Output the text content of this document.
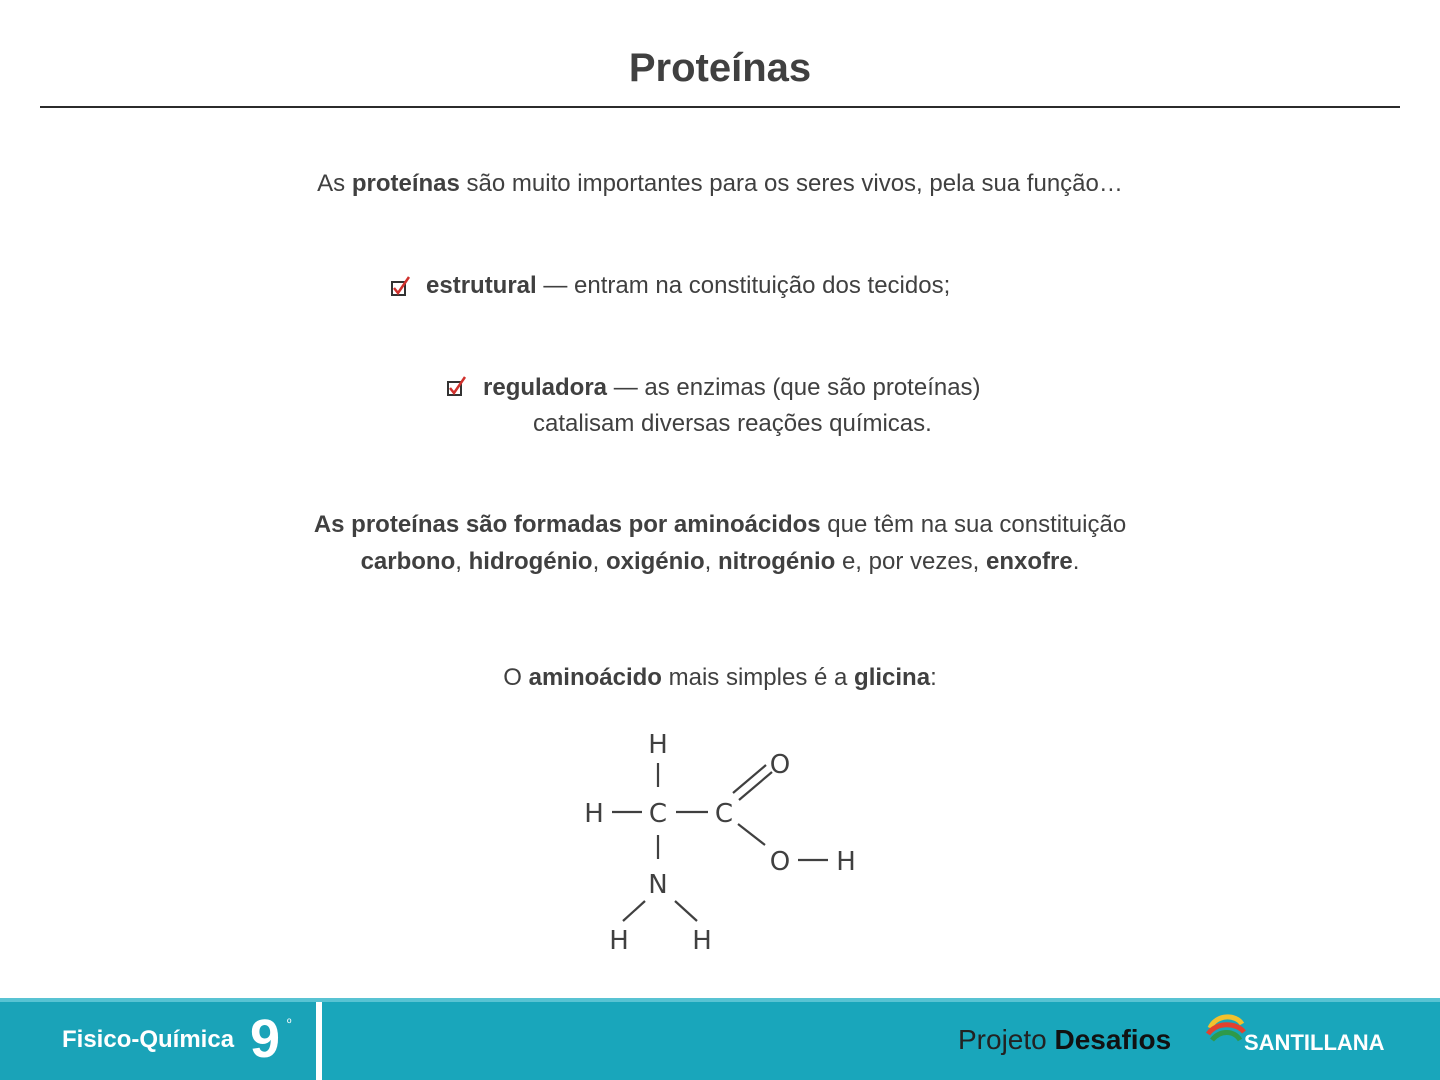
Proteínas
As proteínas são muito importantes para os seres vivos, pela sua função…
estrutural — entram na constituição dos tecidos;
reguladora — as enzimas (que são proteínas)
catalisam diversas reações químicas.
As proteínas são formadas por aminoácidos que têm na sua constituição
carbono, hidrogénio, oxigénio, nitrogénio e, por vezes, enxofre.
O aminoácido mais simples é a glicina:
H
H C C
O
O H
N
H H
Fisico-Química 9 º
Projeto Desafios	SANTILLANA
